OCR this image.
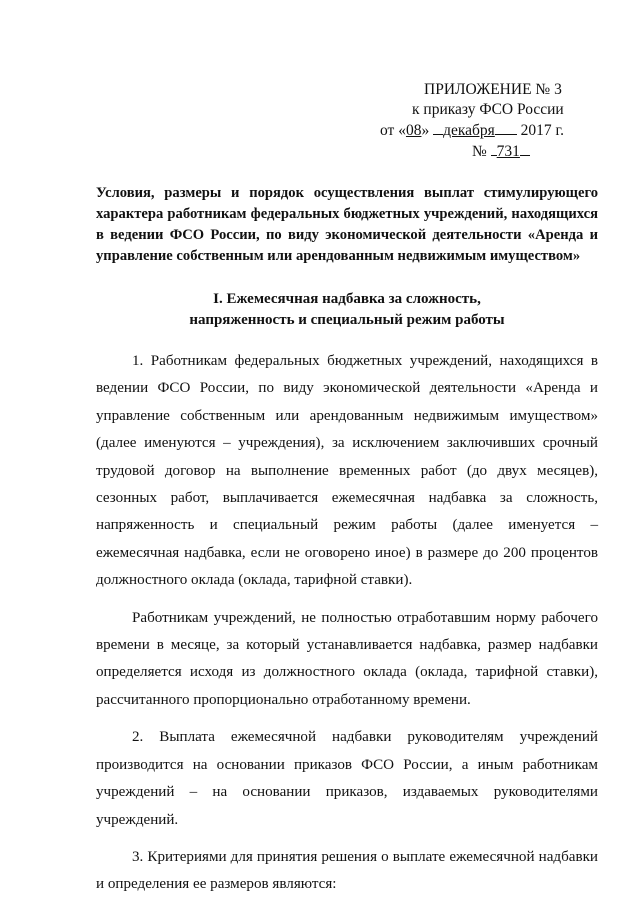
ПРИЛОЖЕНИЕ № 3
к приказу ФСО России
от «08» декабря 2017 г.
№ 731
Условия, размеры и порядок осуществления выплат стимулирующего характера работникам федеральных бюджетных учреждений, находящихся в ведении ФСО России, по виду экономической деятельности «Аренда и управление собственным или арендованным недвижимым имуществом»
I. Ежемесячная надбавка за сложность,
напряженность и специальный режим работы

1. Работникам федеральных бюджетных учреждений, находящихся в ведении ФСО России, по виду экономической деятельности «Аренда и управление собственным или арендованным недвижимым имуществом» (далее именуются – учреждения), за исключением заключивших срочный трудовой договор на выполнение временных работ (до двух месяцев), сезонных работ, выплачивается ежемесячная надбавка за сложность, напряженность и специальный режим работы (далее именуется – ежемесячная надбавка, если не оговорено иное) в размере до 200 процентов должностного оклада (оклада, тарифной ставки).

Работникам учреждений, не полностью отработавшим норму рабочего времени в месяце, за который устанавливается надбавка, размер надбавки определяется исходя из должностного оклада (оклада, тарифной ставки), рассчитанного пропорционально отработанному времени.

2. Выплата ежемесячной надбавки руководителям учреждений производится на основании приказов ФСО России, а иным работникам учреждений – на основании приказов, издаваемых руководителями учреждений.

3. Критериями для принятия решения о выплате ежемесячной надбавки и определения ее размеров являются:
